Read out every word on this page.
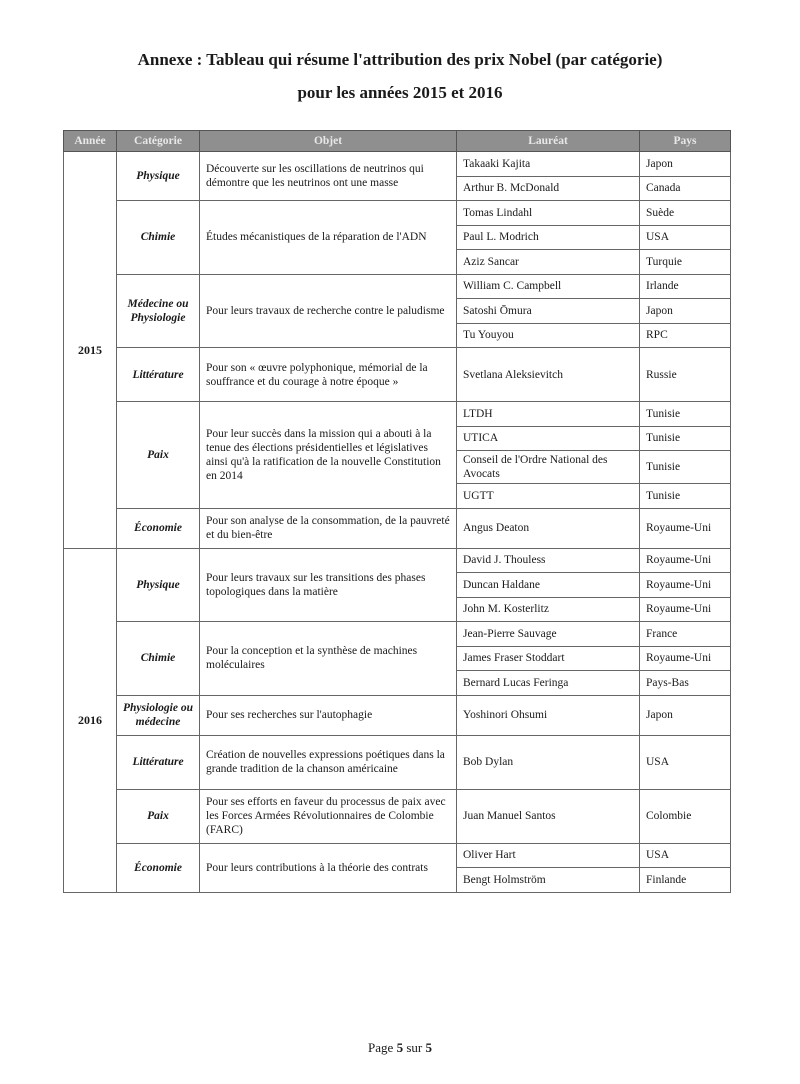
Annexe : Tableau qui résume l'attribution des prix Nobel (par catégorie)
pour les années 2015 et 2016
Année	Catégorie	Objet	Lauréat	Pays
2015	Physique	Découverte sur les oscillations de neutrinos qui démontre que les neutrinos ont une masse	Takaaki Kajita	Japon
			Arthur B. McDonald	Canada
	Chimie	Études mécanistiques de la réparation de l'ADN	Tomas Lindahl	Suède
			Paul L. Modrich	USA
			Aziz Sancar	Turquie
	Médecine ou Physiologie	Pour leurs travaux de recherche contre le paludisme	William C. Campbell	Irlande
			Satoshi Ōmura	Japon
			Tu Youyou	RPC
	Littérature	Pour son « œuvre polyphonique, mémorial de la souffrance et du courage à notre époque »	Svetlana Aleksievitch	Russie
	Paix	Pour leur succès dans la mission qui a abouti à la tenue des élections présidentielles et législatives ainsi qu'à la ratification de la nouvelle Constitution en 2014	LTDH	Tunisie
			UTICA	Tunisie
			Conseil de l'Ordre National des Avocats	Tunisie
			UGTT	Tunisie
	Économie	Pour son analyse de la consommation, de la pauvreté et du bien-être	Angus Deaton	Royaume-Uni
2016	Physique	Pour leurs travaux sur les transitions des phases topologiques dans la matière	David J. Thouless	Royaume-Uni
			Duncan Haldane	Royaume-Uni
			John M. Kosterlitz	Royaume-Uni
	Chimie	Pour la conception et la synthèse de machines moléculaires	Jean-Pierre Sauvage	France
			James Fraser Stoddart	Royaume-Uni
			Bernard Lucas Feringa	Pays-Bas
	Physiologie ou médecine	Pour ses recherches sur l'autophagie	Yoshinori Ohsumi	Japon
	Littérature	Création de nouvelles expressions poétiques dans la grande tradition de la chanson américaine	Bob Dylan	USA
	Paix	Pour ses efforts en faveur du processus de paix avec les Forces Armées Révolutionnaires de Colombie (FARC)	Juan Manuel Santos	Colombie
	Économie	Pour leurs contributions à la théorie des contrats	Oliver Hart	USA
			Bengt Holmström	Finlande
Page 5 sur 5
